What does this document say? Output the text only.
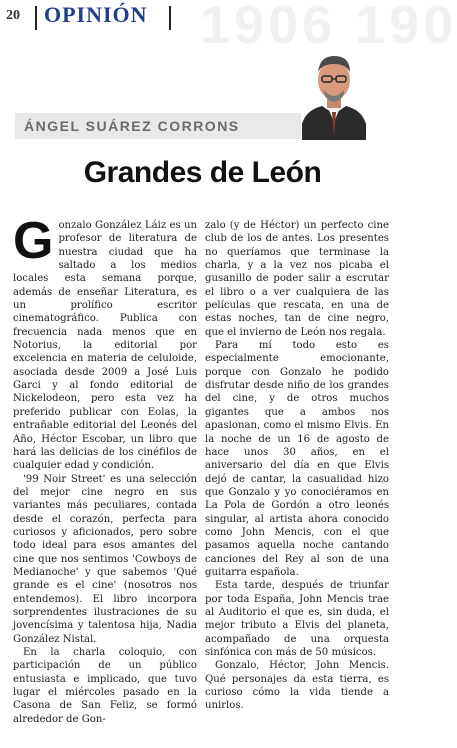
1906 190
20 OPINIÓN
ÁNGEL SUÁREZ CORRONS
Grandes de León

Gonzalo González Láiz es un profesor de literatura de nuestra ciudad que ha saltado a los medios locales esta semana porque, además de enseñar Literatura, es un prolífico escritor cinematográfico. Publica con frecuencia nada menos que en Notorius, la editorial por excelencia en materia de celuloide, asociada desde 2009 a José Luis Garci y al fondo editorial de Nickelodeon, pero esta vez ha preferido publicar con Eolas, la entrañable editorial del Leonés del Año, Héctor Escobar, un libro que hará las delicias de los cinéfilos de cualquier edad y condición.

'99 Noir Street' es una selección del mejor cine negro en sus variantes más peculiares, contada desde el corazón, perfecta para curiosos y aficionados, pero sobre todo ideal para esos amantes del cine que nos sentimos 'Cowboys de Medianoche' y que sabemos 'Qué grande es el cine' (nosotros nos entendemos). El libro incorpora sorprendentes ilustraciones de su jovencísima y talentosa hija, Nadia González Nistal.

En la charla coloquio, con participación de un público entusiasta e implicado, que tuvo lugar el miércoles pasado en la Casona de San Feliz, se formó alrededor de Gon-

zalo (y de Héctor) un perfecto cine club de los de antes. Los presentes no queríamos que terminase la charla, y a la vez nos picaba el gusanillo de poder salir a escrutar el libro o a ver cualquiera de las películas que rescata, en una de estas noches, tan de cine negro, que el invierno de León nos regala.

Para mí todo esto es especialmente emocionante, porque con Gonzalo he podido disfrutar desde niño de los grandes del cine, y de otros muchos gigantes que a ambos nos apasionan, como el mismo Elvis. En la noche de un 16 de agosto de hace unos 30 años, en el aniversario del día en que Elvis dejó de cantar, la casualidad hizo que Gonzalo y yo conociéramos en La Pola de Gordón a otro leonés singular, al artista ahora conocido como John Mencis, con el que pasamos aquella noche cantando canciones del Rey al son de una guitarra española.

Esta tarde, después de triunfar por toda España, John Mencis trae al Auditorio el que es, sin duda, el mejor tributo a Elvis del planeta, acompañado de una orquesta sinfónica con más de 50 músicos.

Gonzalo, Héctor, John Mencis. Qué personajes da esta tierra, es curioso cómo la vida tiende a unirlos.
